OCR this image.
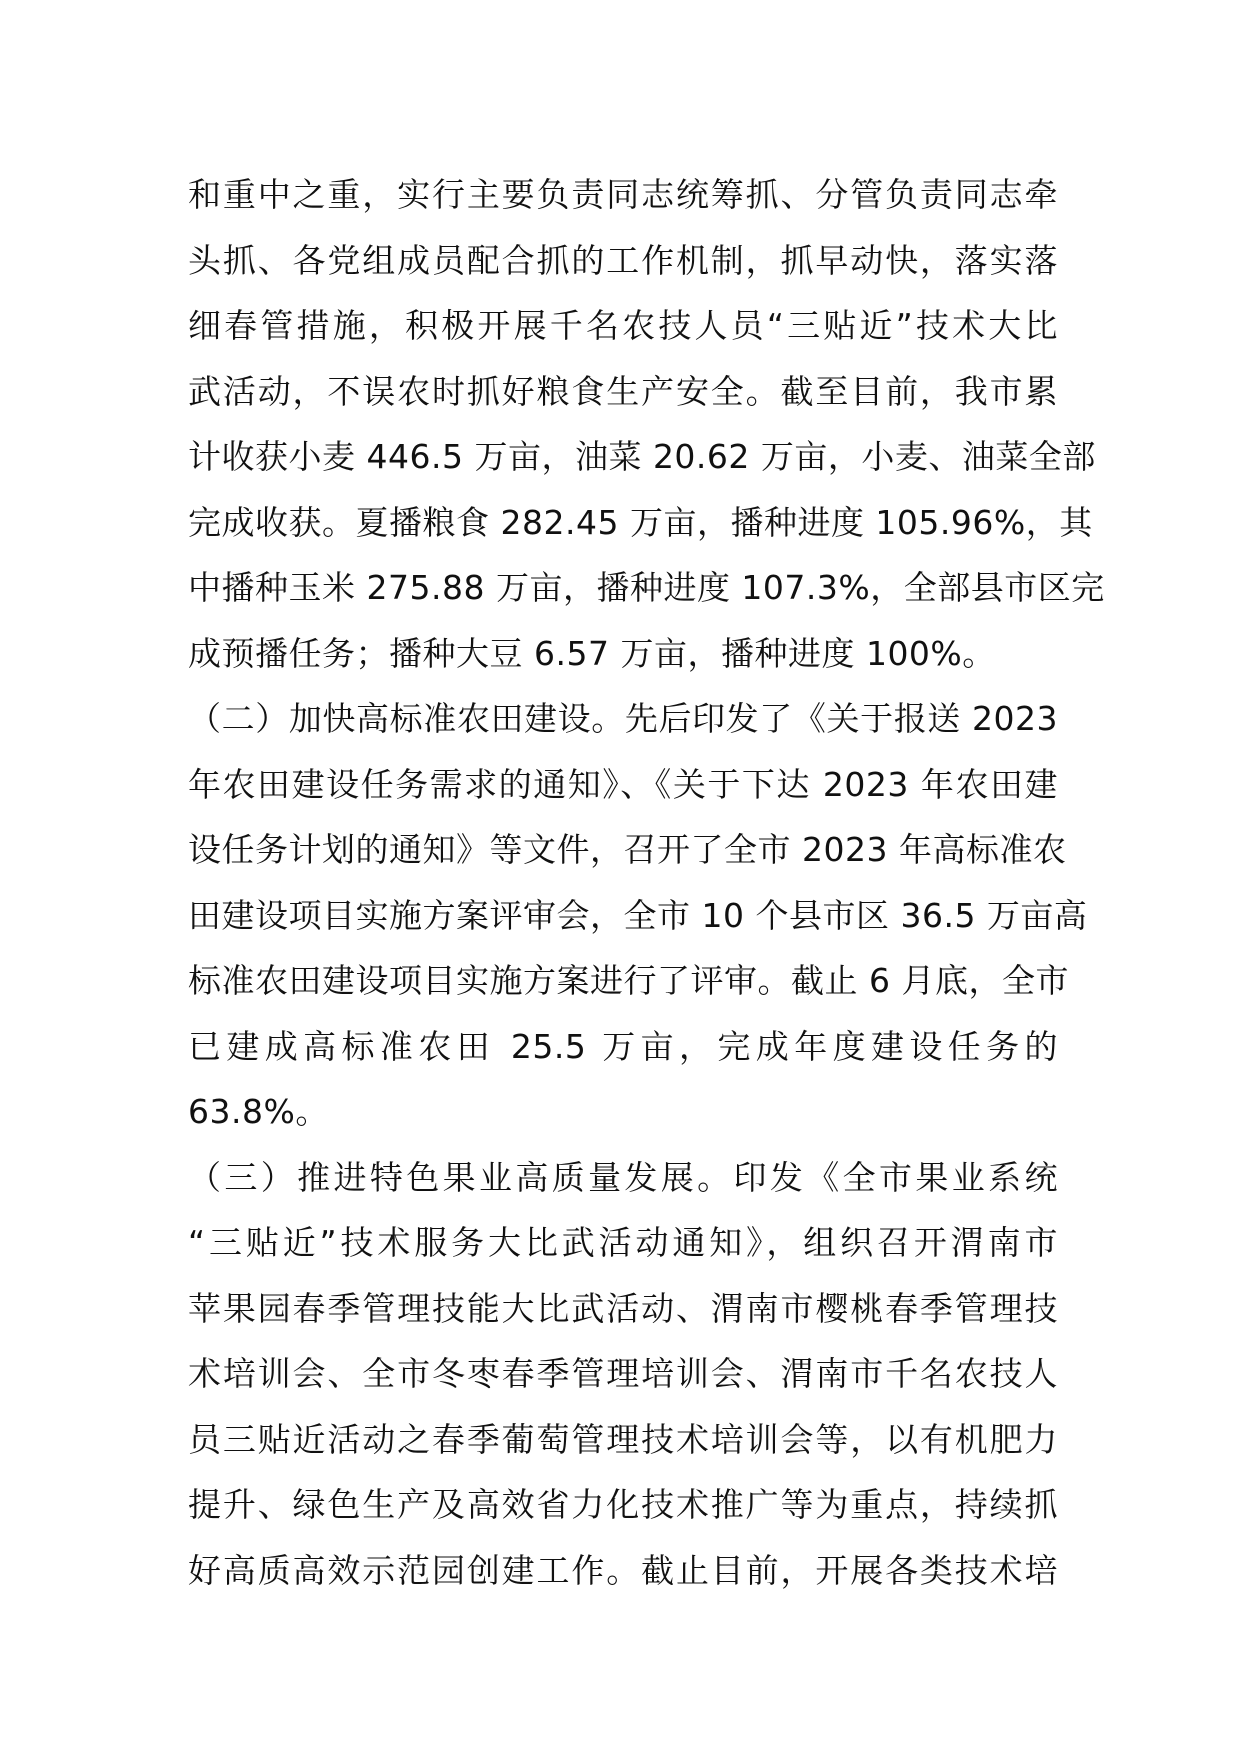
和重中之重，实行主要负责同志统筹抓、分管负责同志牵
头抓、各党组成员配合抓的工作机制，抓早动快，落实落
细春管措施，积极开展千名农技人员“三贴近”技术大比
武活动，不误农时抓好粮食生产安全。截至目前，我市累
计收获小麦 446.5 万亩，油菜 20.62 万亩，小麦、油菜全部
完成收获。夏播粮食 282.45 万亩，播种进度 105.96%，其
中播种玉米 275.88 万亩，播种进度 107.3%，全部县市区完
成预播任务；播种大豆 6.57 万亩，播种进度 100%。
（二）加快高标准农田建设。先后印发了《关于报送 2023
年农田建设任务需求的通知》、《关于下达 2023 年农田建
设任务计划的通知》等文件，召开了全市 2023 年高标准农
田建设项目实施方案评审会，全市 10 个县市区 36.5 万亩高
标准农田建设项目实施方案进行了评审。截止 6 月底，全市
已建成高标准农田 25.5 万亩，完成年度建设任务的
63.8%。
（三）推进特色果业高质量发展。印发《全市果业系统
“三贴近”技术服务大比武活动通知》，组织召开渭南市
苹果园春季管理技能大比武活动、渭南市樱桃春季管理技
术培训会、全市冬枣春季管理培训会、渭南市千名农技人
员三贴近活动之春季葡萄管理技术培训会等，以有机肥力
提升、绿色生产及高效省力化技术推广等为重点，持续抓
好高质高效示范园创建工作。截止目前，开展各类技术培
